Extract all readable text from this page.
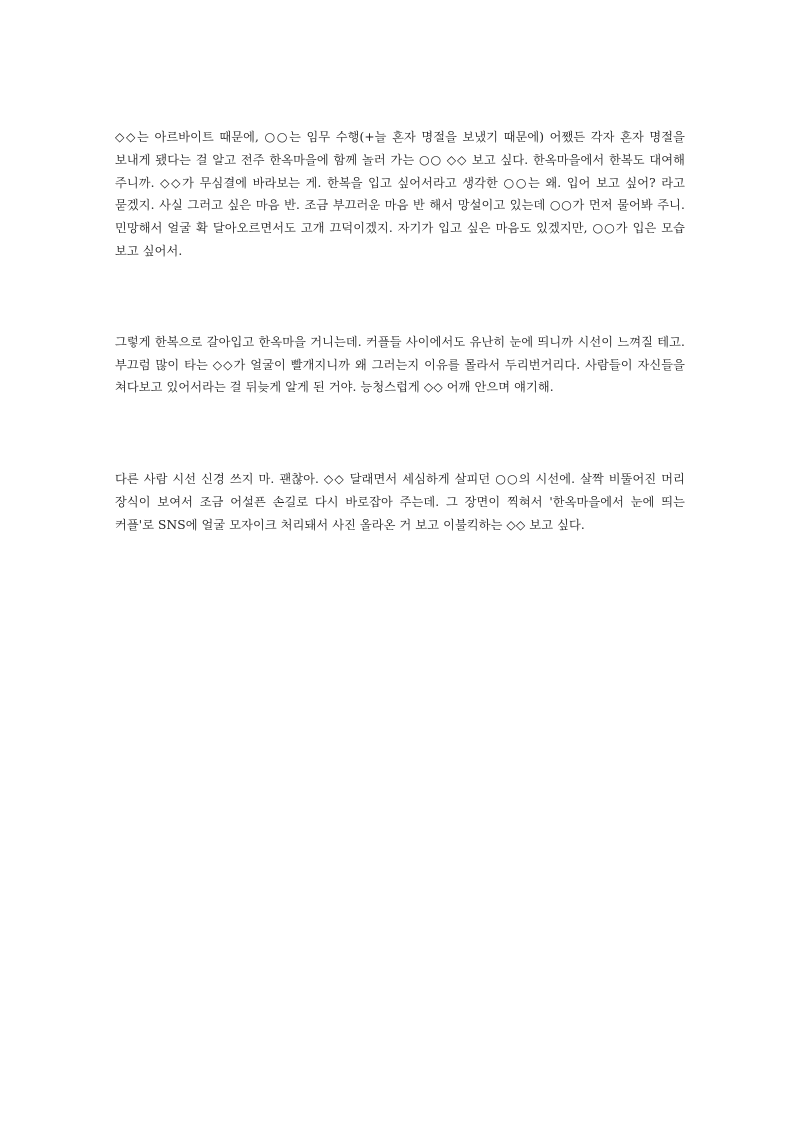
◇◇는 아르바이트 때문에, ○○는 임무 수행(+늘 혼자 명절을 보냈기 때문에) 어쨌든 각자 혼자 명절을 보내게 됐다는 걸 알고 전주 한옥마을에 함께 놀러 가는 ○○ ◇◇ 보고 싶다. 한옥마을에서 한복도 대여해 주니까. ◇◇가 무심결에 바라보는 게. 한복을 입고 싶어서라고 생각한 ○○는 왜. 입어 보고 싶어? 라고 묻겠지. 사실 그러고 싶은 마음 반. 조금 부끄러운 마음 반 해서 망설이고 있는데 ○○가 먼저 물어봐 주니. 민망해서 얼굴 확 달아오르면서도 고개 끄덕이겠지. 자기가 입고 싶은 마음도 있겠지만, ○○가 입은 모습 보고 싶어서.

그렇게 한복으로 갈아입고 한옥마을 거니는데. 커플들 사이에서도 유난히 눈에 띄니까 시선이 느껴질 테고. 부끄럼 많이 타는 ◇◇가 얼굴이 빨개지니까 왜 그러는지 이유를 몰라서 두리번거리다. 사람들이 자신들을 쳐다보고 있어서라는 걸 뒤늦게 알게 된 거야. 능청스럽게 ◇◇ 어깨 안으며 얘기해.

다른 사람 시선 신경 쓰지 마. 괜찮아. ◇◇ 달래면서 세심하게 살피던 ○○의 시선에. 살짝 비뚤어진 머리 장식이 보여서 조금 어설픈 손길로 다시 바로잡아 주는데. 그 장면이 찍혀서 '한옥마을에서 눈에 띄는 커플'로 SNS에 얼굴 모자이크 처리돼서 사진 올라온 거 보고 이불킥하는 ◇◇ 보고 싶다.
